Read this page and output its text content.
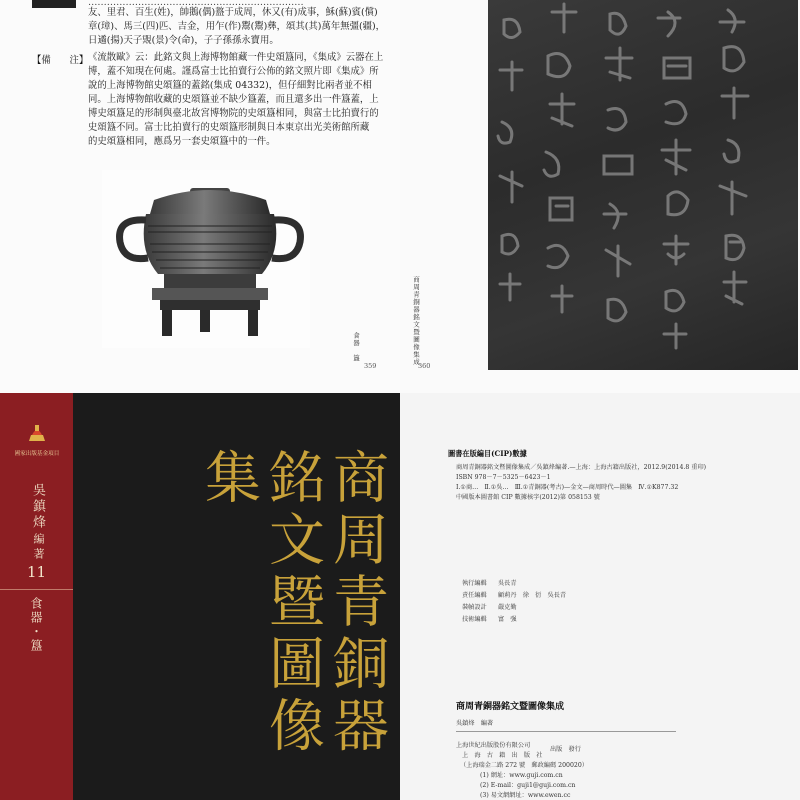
……………………………………………………………
友、里君、百生(姓)，帥鵝(偶)盩于成周，休又(有)成事，穌(蘇)賓(償)
章(璋)、馬三(四)匹、吉金，用乍(作)鬻(鬻)彝，頌其(其)萬年無彊(疆)，
日遹(揚)天子覭(景)令(命)，子子孫孫永寶用。
【備　　注】 《流散歐》云：此銘文與上海博物館藏一件史頌簋同，《集成》云器在上
博，蓋不知現在何處。謹爲富士比拍賣行公佈的銘文照片即《集成》所
說的上海博物館史頌簋的蓋銘(集成 04332)，但仔細對比兩者並不相
同。上海博物館收藏的史頌簋並不缺少簋蓋，而且還多出一件簋蓋，上
博史頌簋足的形制與臺北故宮博物院的史頌簋相同，與富士比拍賣行的
史頌簋不同。富士比拍賣行的史頌簋形制與日本東京出光美術館所藏
的史頌簋相同，應爲另一套史頌簋中的一件。
食器　簋
359	商周青銅器銘文暨圖像集成
360
國家出版基金項目
吳鎮烽
編著
11
食器・簋	商周青銅器銘文暨圖像集	圖書在版編目(CIP)數據
商周青銅器銘文暨圖像集成／吳鎮烽編著.—上海：上海古籍出版社，2012.9(2014.8 重印)
ISBN 978－7－5325－6423－1
Ⅰ.①商…　Ⅱ.①吳…　Ⅲ.①青銅器(考古)—金文—商周時代—圖集　Ⅳ.①K877.32
中國版本圖書館 CIP 數據核字(2012)第 058153 號
執行編輯 吳長青
責任編輯 顧莉丹　徐　衍　吳長青
裝幀設計 嚴克勤
技術編輯 富　强
商周青銅器銘文暨圖像集成
吳鎮烽　編著
上海世紀出版股份有限公司
出版　發行
上　海　古　籍　出　版　社
（上海瑞金二路 272 號　郵政編碼 200020）
(1) 網址：www.guji.com.cn
(2) E-mail：guji1@guji.com.cn
(3) 易文網網址：www.ewen.cc
